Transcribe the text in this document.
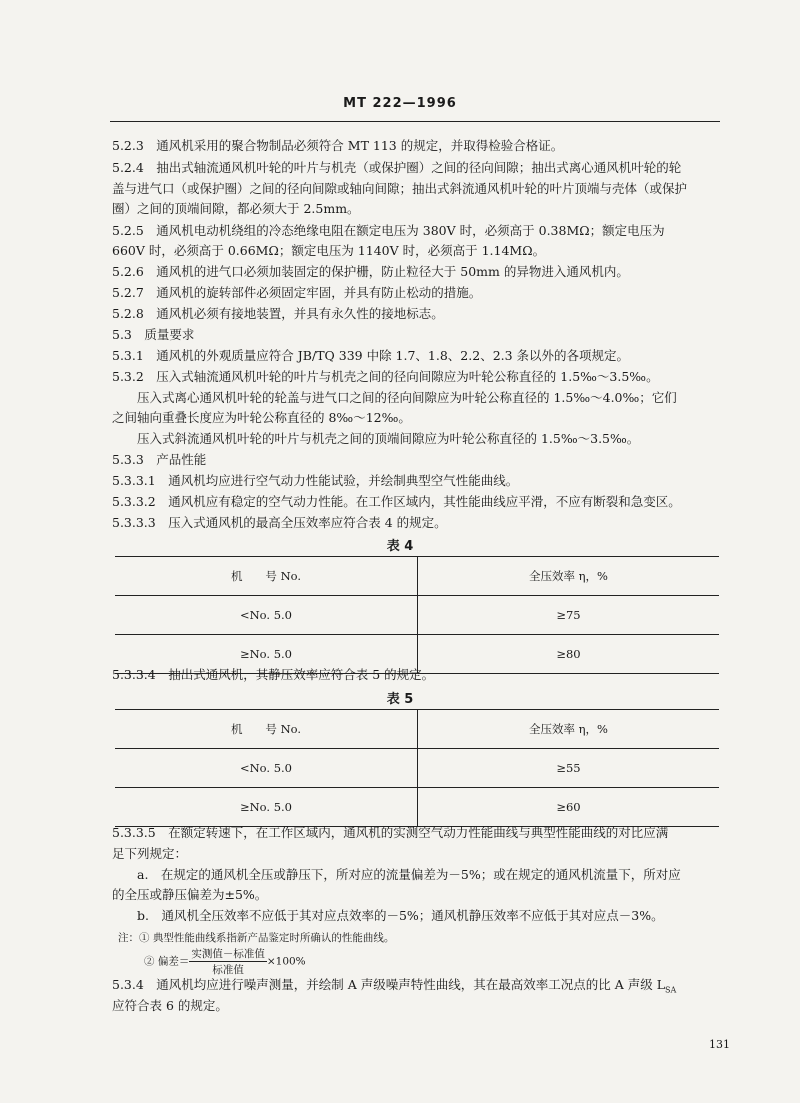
MT 222—1996
5.2.3　通风机采用的聚合物制品必须符合 MT 113 的规定，并取得检验合格证。
5.2.4　抽出式轴流通风机叶轮的叶片与机壳（或保护圈）之间的径向间隙；抽出式离心通风机叶轮的轮
盖与进气口（或保护圈）之间的径向间隙或轴向间隙；抽出式斜流通风机叶轮的叶片顶端与壳体（或保护
圈）之间的顶端间隙，都必须大于 2.5mm。
5.2.5　通风机电动机绕组的冷态绝缘电阻在额定电压为 380V 时，必须高于 0.38MΩ；额定电压为
660V 时，必须高于 0.66MΩ；额定电压为 1140V 时，必须高于 1.14MΩ。
5.2.6　通风机的进气口必须加装固定的保护栅，防止粒径大于 50mm 的异物进入通风机内。
5.2.7　通风机的旋转部件必须固定牢固，并具有防止松动的措施。
5.2.8　通风机必须有接地装置，并具有永久性的接地标志。
5.3　质量要求
5.3.1　通风机的外观质量应符合 JB/TQ 339 中除 1.7、1.8、2.2、2.3 条以外的各项规定。
5.3.2　压入式轴流通风机叶轮的叶片与机壳之间的径向间隙应为叶轮公称直径的 1.5‰～3.5‰。
　　压入式离心通风机叶轮的轮盖与进气口之间的径向间隙应为叶轮公称直径的 1.5‰～4.0‰；它们
之间轴向重叠长度应为叶轮公称直径的 8‰～12‰。
　　压入式斜流通风机叶轮的叶片与机壳之间的顶端间隙应为叶轮公称直径的 1.5‰～3.5‰。
5.3.3　产品性能
5.3.3.1　通风机均应进行空气动力性能试验，并绘制典型空气性能曲线。
5.3.3.2　通风机应有稳定的空气动力性能。在工作区域内，其性能曲线应平滑，不应有断裂和急变区。
5.3.3.3　压入式通风机的最高全压效率应符合表 4 的规定。
表 4
机　　号 No.	全压效率 η，%
<No. 5.0	≥75
≥No. 5.0	≥80
5.3.3.4　抽出式通风机，其静压效率应符合表 5 的规定。
表 5
机　　号 No.	全压效率 η，%
<No. 5.0	≥55
≥No. 5.0	≥60
5.3.3.5　在额定转速下，在工作区域内，通风机的实测空气动力性能曲线与典型性能曲线的对比应满
足下列规定：
　　a.　在规定的通风机全压或静压下，所对应的流量偏差为－5%；或在规定的通风机流量下，所对应
的全压或静压偏差为±5%。
　　b.　通风机全压效率不应低于其对应点效率的－5%；通风机静压效率不应低于其对应点－3%。
注：① 典型性能曲线系指新产品鉴定时所确认的性能曲线。
② 偏差＝ $\frac{\text{实测值－标准值}}{\text{标准值}} \times 100\%$
5.3.4　通风机均应进行噪声测量，并绘制 A 声级噪声特性曲线，其在最高效率工况点的比 A 声级 $L_{SA}$
应符合表 6 的规定。
131
